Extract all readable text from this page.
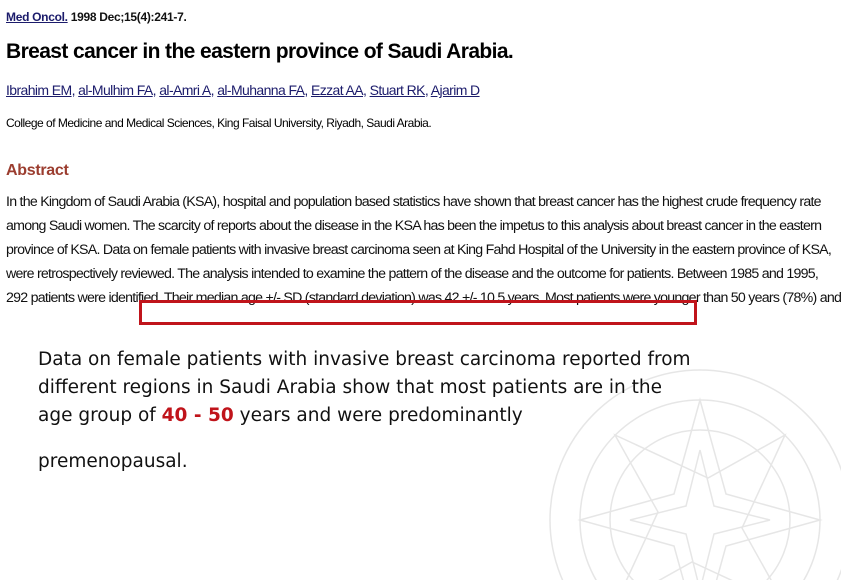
Med Oncol. 1998 Dec;15(4):241-7.
Breast cancer in the eastern province of Saudi Arabia.
Ibrahim EM, al-Mulhim FA, al-Amri A, al-Muhanna FA, Ezzat AA, Stuart RK, Ajarim D
College of Medicine and Medical Sciences, King Faisal University, Riyadh, Saudi Arabia.
Abstract
In the Kingdom of Saudi Arabia (KSA), hospital and population based statistics have shown that breast cancer has the highest crude frequency rate
among Saudi women. The scarcity of reports about the disease in the KSA has been the impetus to this analysis about breast cancer in the eastern
province of KSA. Data on female patients with invasive breast carcinoma seen at King Fahd Hospital of the University in the eastern province of KSA,
were retrospectively reviewed. The analysis intended to examine the pattern of the disease and the outcome for patients. Between 1985 and 1995,
292 patients were identified. Their median age +/- SD (standard deviation) was 42 +/- 10.5 years. Most patients were younger than 50 years (78%) and
Data on female patients with invasive breast carcinoma reported from different regions in Saudi Arabia show that most patients are in the age group of 40 - 50 years and were predominantly
premenopausal.
